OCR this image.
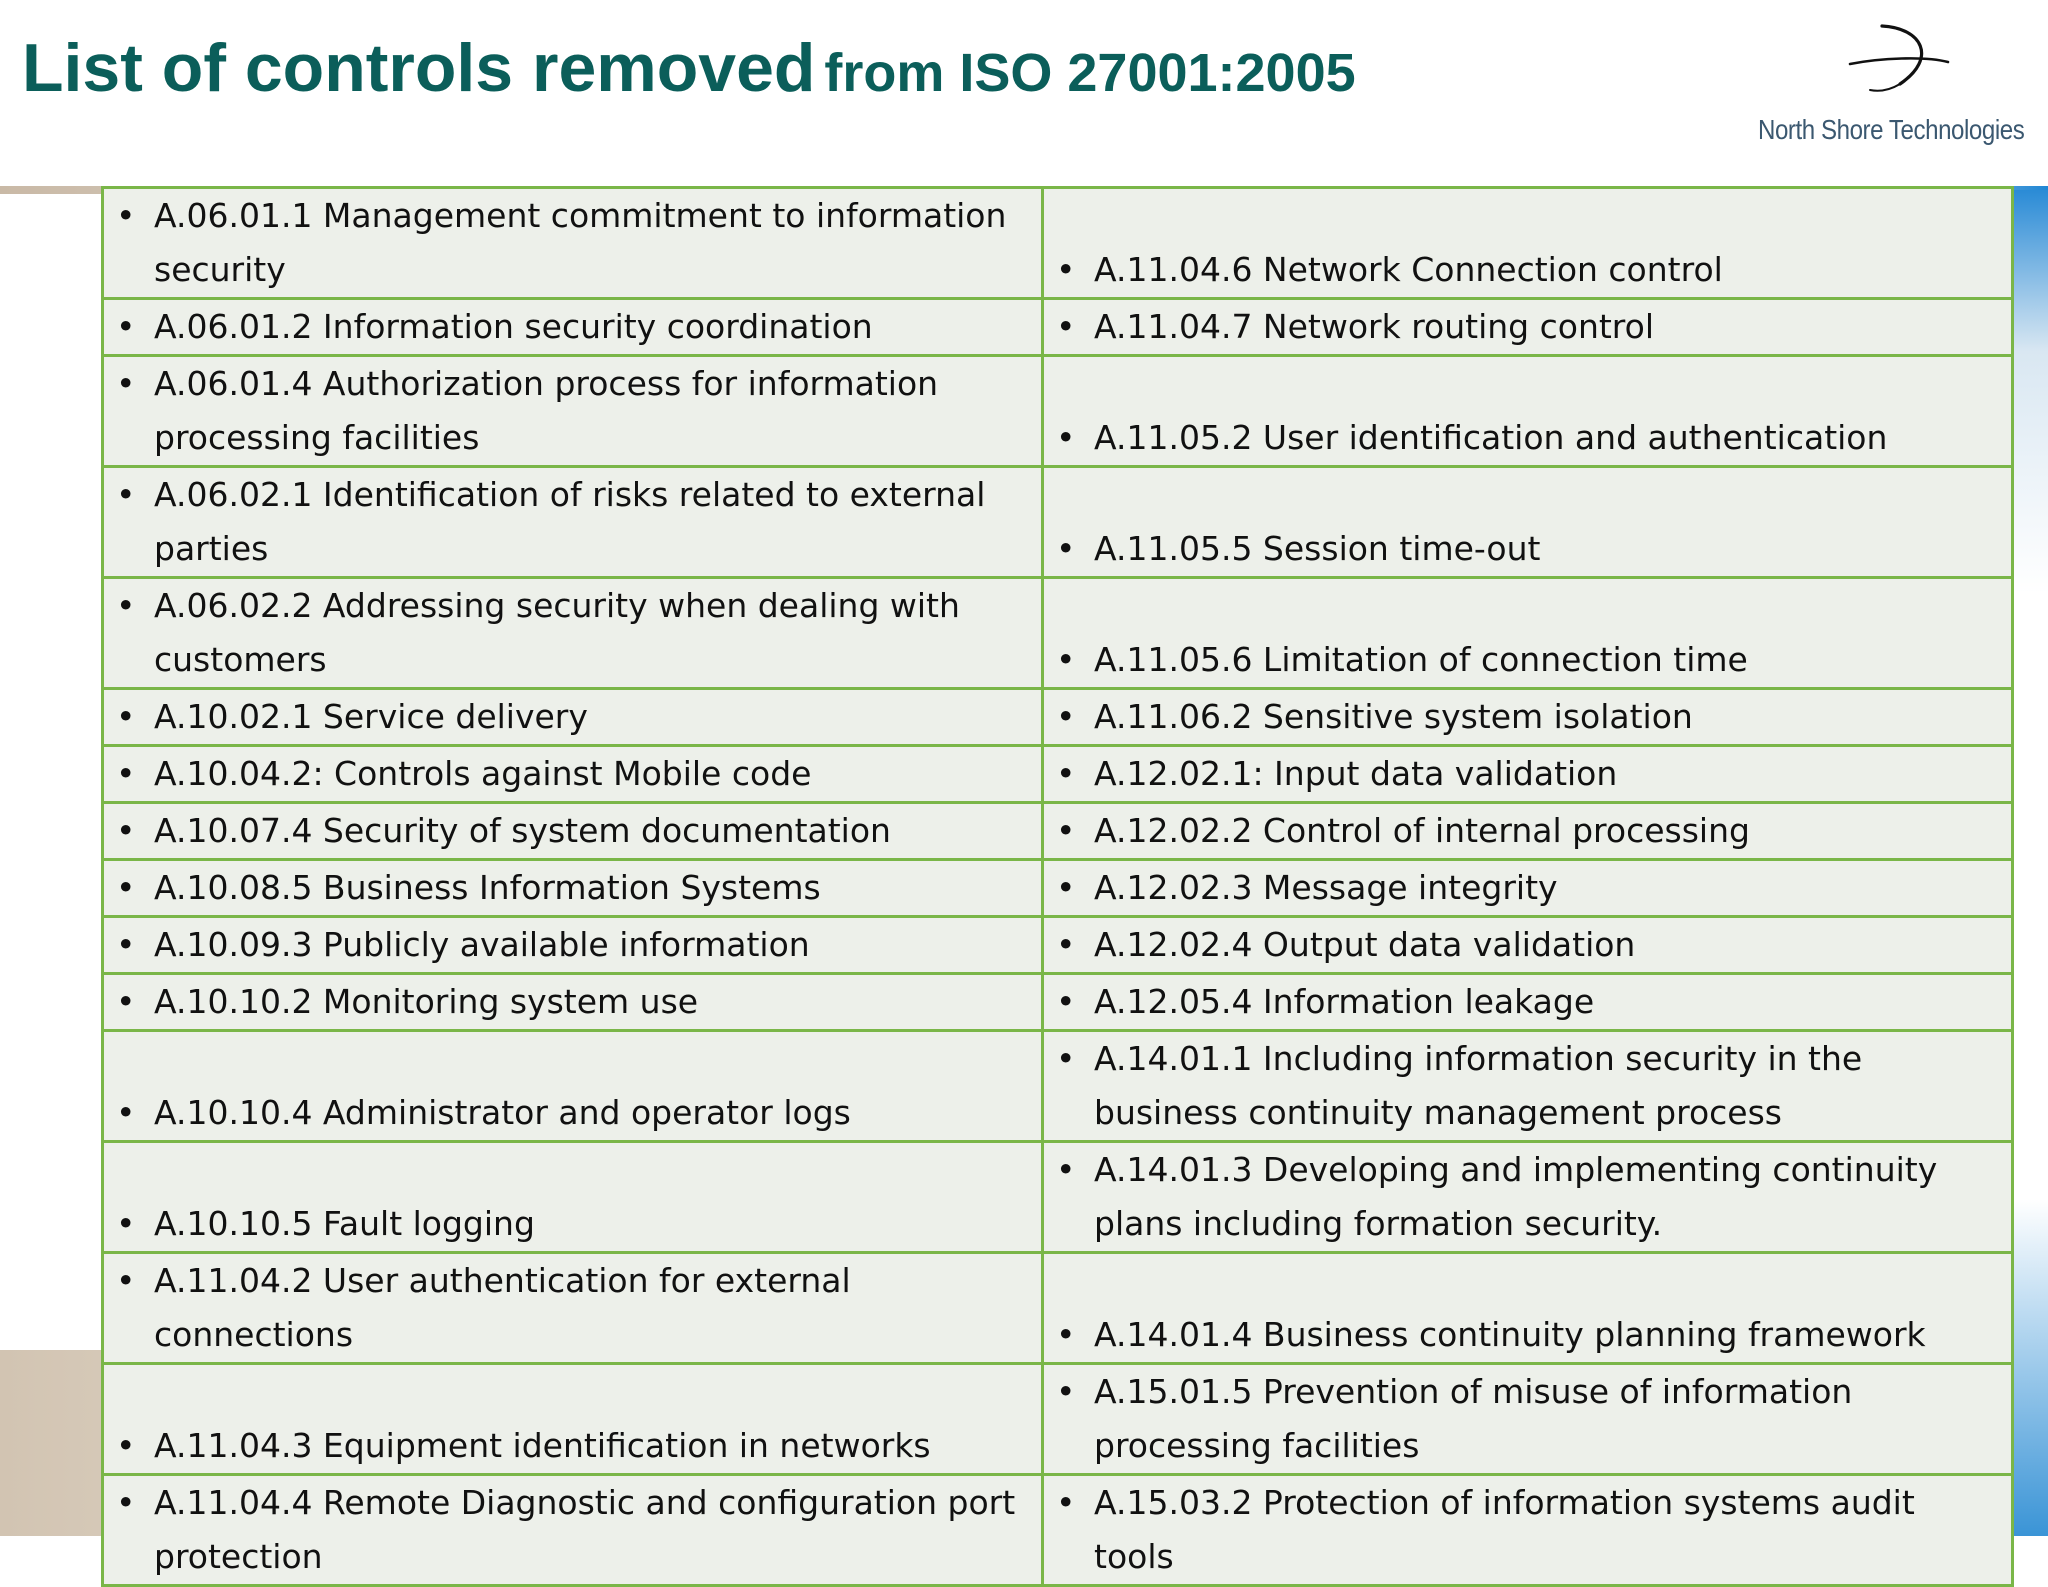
List of controls removed from ISO 27001:2005
North Shore Technologies
• A.06.01.1 Management commitment to information security	• A.11.04.6 Network Connection control

• A.06.01.2 Information security coordination	• A.11.04.7 Network routing control

• A.06.01.4 Authorization process for information processing facilities	• A.11.05.2 User identification and authentication

• A.06.02.1 Identification of risks related to external parties	• A.11.05.5 Session time-out

• A.06.02.2 Addressing security when dealing with customers	• A.11.05.6 Limitation of connection time

• A.10.02.1 Service delivery	• A.11.06.2 Sensitive system isolation

• A.10.04.2: Controls against Mobile code	• A.12.02.1: Input data validation

• A.10.07.4 Security of system documentation	• A.12.02.2 Control of internal processing

• A.10.08.5 Business Information Systems	• A.12.02.3 Message integrity

• A.10.09.3 Publicly available information	• A.12.02.4 Output data validation

• A.10.10.2 Monitoring system use	• A.12.05.4 Information leakage

• A.10.10.4 Administrator and operator logs	• A.14.01.1 Including information security in the business continuity management process

• A.10.10.5 Fault logging	• A.14.01.3 Developing and implementing continuity plans including formation security.

• A.11.04.2 User authentication for external connections	• A.14.01.4 Business continuity planning framework

• A.11.04.3 Equipment identification in networks	• A.15.01.5 Prevention of misuse of information processing facilities

• A.11.04.4 Remote Diagnostic and configuration port protection	• A.15.03.2 Protection of information systems audit tools
